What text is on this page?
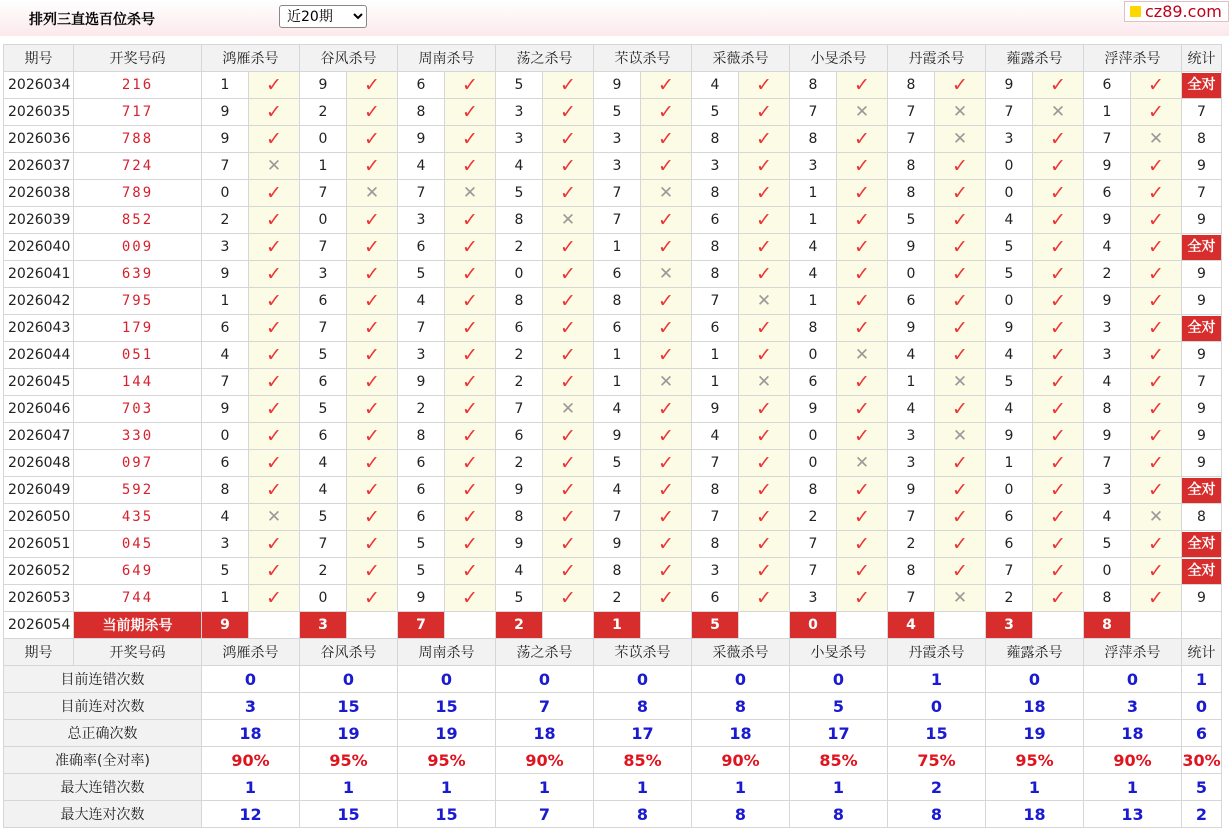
排列三直选百位杀号
近20期	cz89.com
期号	开奖号码	鸿雁杀号		谷风杀号		周南杀号		荡之杀号		芣苡杀号		采薇杀号		小旻杀号		丹霞杀号		蕹露杀号		浮萍杀号		统计
2026034	216	1	✓	9	✓	6	✓	5	✓	9	✓	4	✓	8	✓	8	✓	9	✓	6	✓	全对

2026035	717	9	✓	2	✓	8	✓	3	✓	5	✓	5	✓	7	✕	7	✕	7	✕	1	✓	7
2026036	788	9	✓	0	✓	9	✓	3	✓	3	✓	8	✓	8	✓	7	✕	3	✓	7	✕	8
2026037	724	7	✕	1	✓	4	✓	4	✓	3	✓	3	✓	3	✓	8	✓	0	✓	9	✓	9
2026038	789	0	✓	7	✕	7	✕	5	✓	7	✕	8	✓	1	✓	8	✓	0	✓	6	✓	7
2026039	852	2	✓	0	✓	3	✓	8	✕	7	✓	6	✓	1	✓	5	✓	4	✓	9	✓	9
2026040	009	3	✓	7	✓	6	✓	2	✓	1	✓	8	✓	4	✓	9	✓	5	✓	4	✓	全对

2026041	639	9	✓	3	✓	5	✓	0	✓	6	✕	8	✓	4	✓	0	✓	5	✓	2	✓	9
2026042	795	1	✓	6	✓	4	✓	8	✓	8	✓	7	✕	1	✓	6	✓	0	✓	9	✓	9
2026043	179	6	✓	7	✓	7	✓	6	✓	6	✓	6	✓	8	✓	9	✓	9	✓	3	✓	全对

2026044	051	4	✓	5	✓	3	✓	2	✓	1	✓	1	✓	0	✕	4	✓	4	✓	3	✓	9
2026045	144	7	✓	6	✓	9	✓	2	✓	1	✕	1	✕	6	✓	1	✕	5	✓	4	✓	7
2026046	703	9	✓	5	✓	2	✓	7	✕	4	✓	9	✓	9	✓	4	✓	4	✓	8	✓	9
2026047	330	0	✓	6	✓	8	✓	6	✓	9	✓	4	✓	0	✓	3	✕	9	✓	9	✓	9
2026048	097	6	✓	4	✓	6	✓	2	✓	5	✓	7	✓	0	✕	3	✓	1	✓	7	✓	9
2026049	592	8	✓	4	✓	6	✓	9	✓	4	✓	8	✓	8	✓	9	✓	0	✓	3	✓	全对

2026050	435	4	✕	5	✓	6	✓	8	✓	7	✓	7	✓	2	✓	7	✓	6	✓	4	✕	8
2026051	045	3	✓	7	✓	5	✓	9	✓	9	✓	8	✓	7	✓	2	✓	6	✓	5	✓	全对

2026052	649	5	✓	2	✓	5	✓	4	✓	8	✓	3	✓	7	✓	8	✓	7	✓	0	✓	全对

2026053	744	1	✓	0	✓	9	✓	5	✓	2	✓	6	✓	3	✓	7	✕	2	✓	8	✓	9
2026054	当前期杀号	9		3		7		2		1		5		0		4		3		8		
期号	开奖号码	鸿雁杀号		谷风杀号		周南杀号		荡之杀号		芣苡杀号		采薇杀号		小旻杀号		丹霞杀号		蕹露杀号		浮萍杀号		统计
目前连错次数		0		0		0		0		0		0		0		1		0		0		1
目前连对次数		3		15		15		7		8		8		5		0		18		3		0
总正确次数		18		19		19		18		17		18		17		15		19		18		6
准确率(全对率)		90%		95%		95%		90%		85%		90%		85%		75%		95%		90%		30%
最大连错次数		1		1		1		1		1		1		1		2		1		1		5
最大连对次数		12		15		15		7		8		8		8		8		18		13		2
